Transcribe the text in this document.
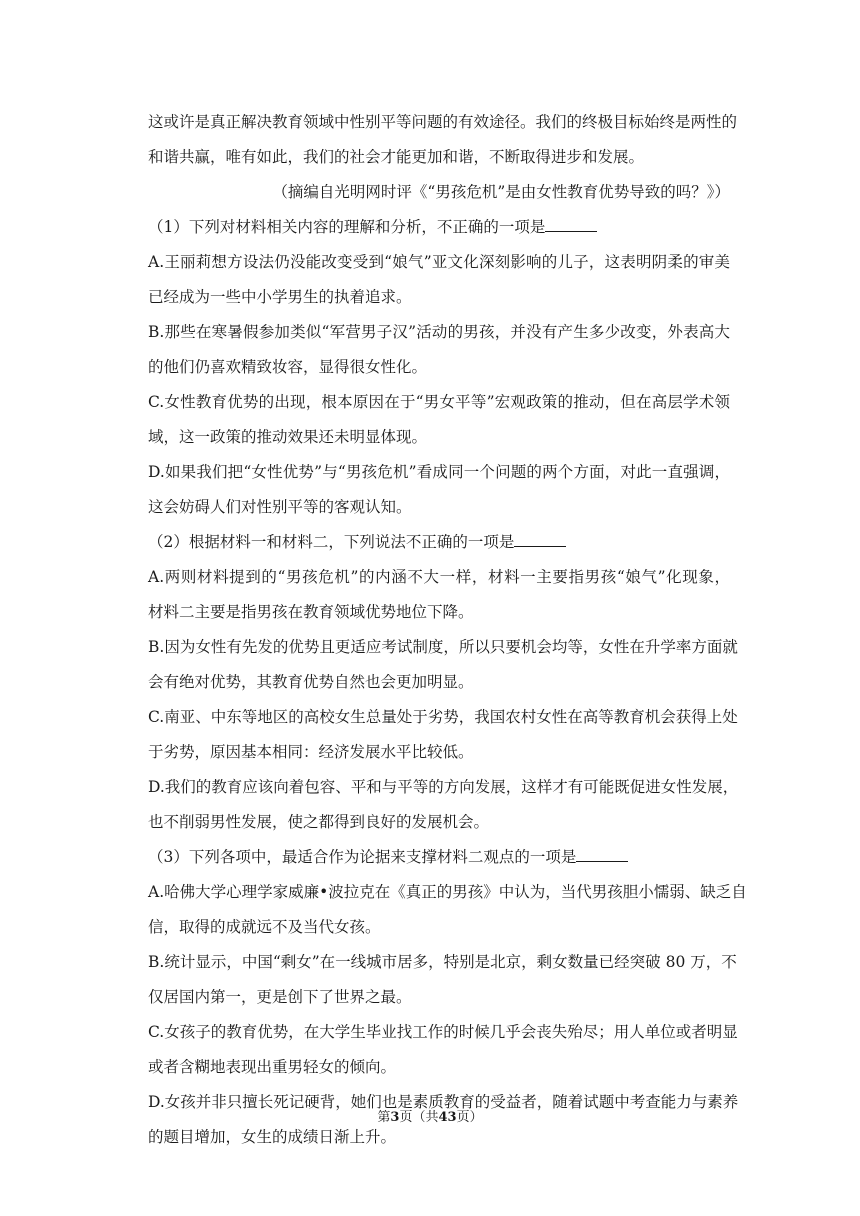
这或许是真正解决教育领域中性别平等问题的有效途径。我们的终极目标始终是两性的
和谐共赢，唯有如此，我们的社会才能更加和谐，不断取得进步和发展。
（摘编自光明网时评《“男孩危机”是由女性教育优势导致的吗？》）
（1）下列对材料相关内容的理解和分析，不正确的一项是
A.王丽莉想方设法仍没能改变受到“娘气”亚文化深刻影响的儿子，这表明阴柔的审美
已经成为一些中小学男生的执着追求。
B.那些在寒暑假参加类似“军营男子汉”活动的男孩，并没有产生多少改变，外表高大
的他们仍喜欢精致妆容，显得很女性化。
C.女性教育优势的出现，根本原因在于“男女平等”宏观政策的推动，但在高层学术领
域，这一政策的推动效果还未明显体现。
D.如果我们把“女性优势”与“男孩危机”看成同一个问题的两个方面，对此一直强调，
这会妨碍人们对性别平等的客观认知。
（2）根据材料一和材料二，下列说法不正确的一项是
A.两则材料提到的“男孩危机”的内涵不大一样，材料一主要指男孩“娘气”化现象，
材料二主要是指男孩在教育领域优势地位下降。
B.因为女性有先发的优势且更适应考试制度，所以只要机会均等，女性在升学率方面就
会有绝对优势，其教育优势自然也会更加明显。
C.南亚、中东等地区的高校女生总量处于劣势，我国农村女性在高等教育机会获得上处
于劣势，原因基本相同：经济发展水平比较低。
D.我们的教育应该向着包容、平和与平等的方向发展，这样才有可能既促进女性发展，
也不削弱男性发展，使之都得到良好的发展机会。
（3）下列各项中，最适合作为论据来支撑材料二观点的一项是
A.哈佛大学心理学家威廉•波拉克在《真正的男孩》中认为，当代男孩胆小懦弱、缺乏自
信，取得的成就远不及当代女孩。
B.统计显示，中国“剩女”在一线城市居多，特别是北京，剩女数量已经突破 80 万，不
仅居国内第一，更是创下了世界之最。
C.女孩子的教育优势，在大学生毕业找工作的时候几乎会丧失殆尽；用人单位或者明显
或者含糊地表现出重男轻女的倾向。
D.女孩并非只擅长死记硬背，她们也是素质教育的受益者，随着试题中考查能力与素养
的题目增加，女生的成绩日渐上升。
第3页（共43页）
